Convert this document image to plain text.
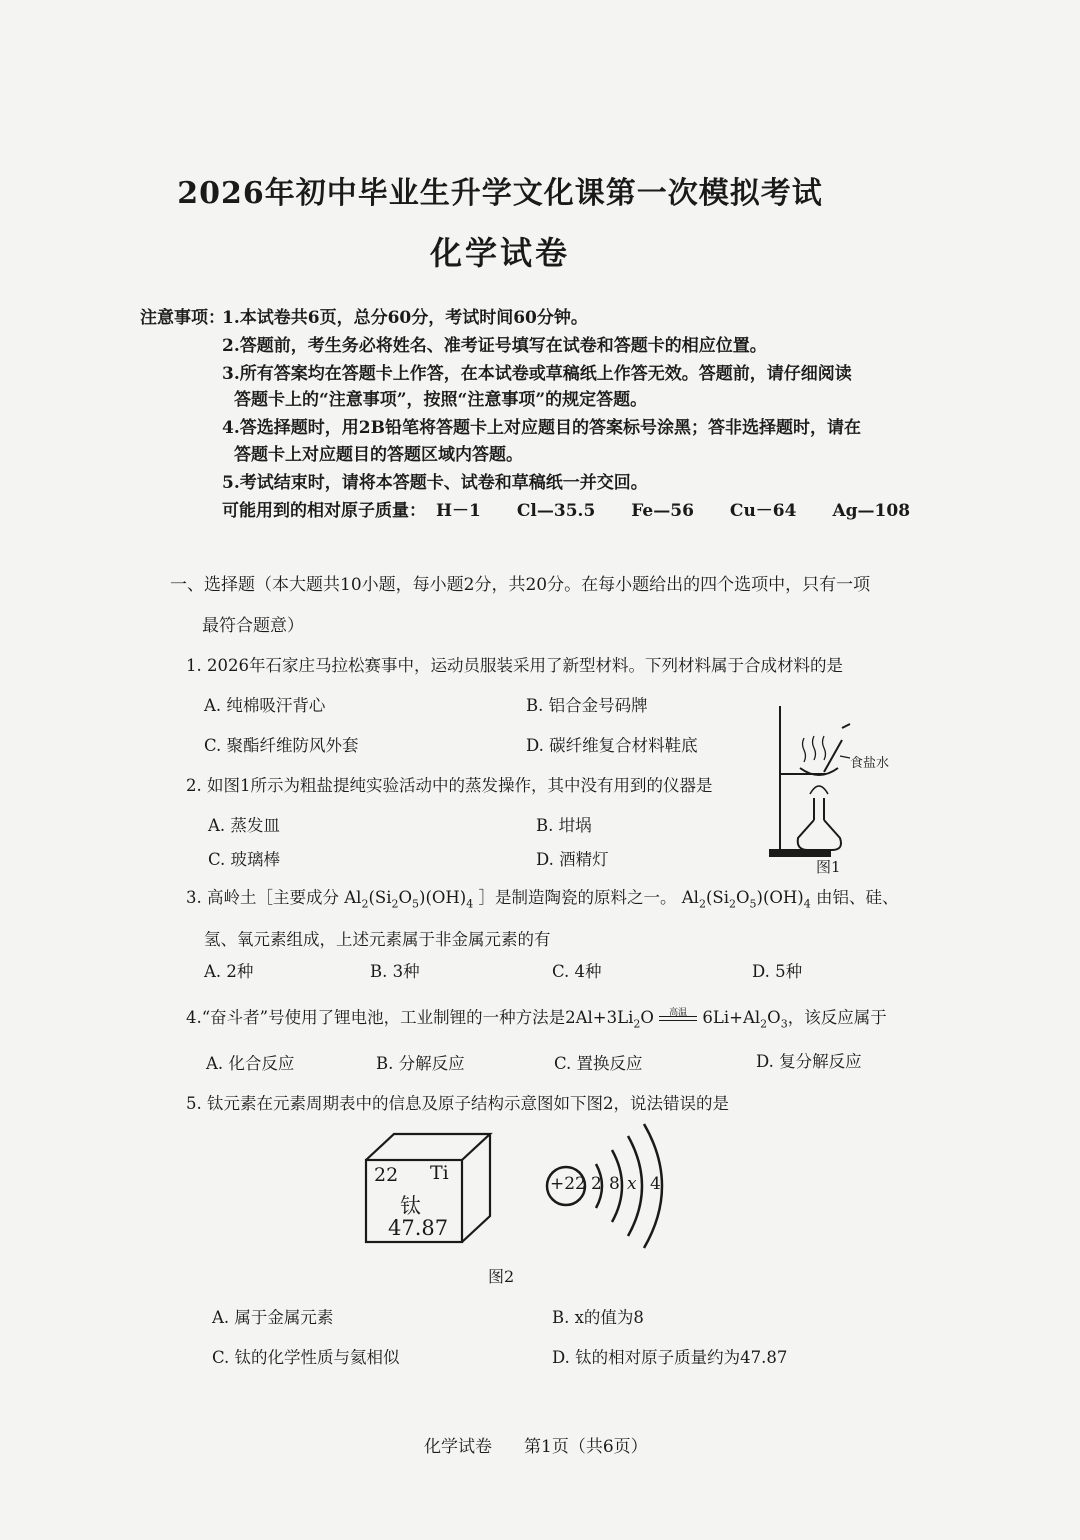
2026年初中毕业生升学文化课第一次模拟考试
化学试卷
注意事项：
1.本试卷共6页，总分60分，考试时间60分钟。
2.答题前，考生务必将姓名、准考证号填写在试卷和答题卡的相应位置。
3.所有答案均在答题卡上作答，在本试卷或草稿纸上作答无效。答题前，请仔细阅读
答题卡上的“注意事项”，按照“注意事项”的规定答题。
4.答选择题时，用2B铅笔将答题卡上对应题目的答案标号涂黑；答非选择题时，请在
答题卡上对应题目的答题区域内答题。
5.考试结束时，请将本答题卡、试卷和草稿纸一并交回。
可能用到的相对原子质量： H－1 Cl—35.5 Fe—56 Cu－64 Ag—108
一、选择题（本大题共10小题，每小题2分，共20分。在每小题给出的四个选项中，只有一项
最符合题意）
1. 2026年石家庄马拉松赛事中，运动员服装采用了新型材料。下列材料属于合成材料的是
A. 纯棉吸汗背心	B. 铝合金号码牌
C. 聚酯纤维防风外套	D. 碳纤维复合材料鞋底
2. 如图1所示为粗盐提纯实验活动中的蒸发操作，其中没有用到的仪器是
A. 蒸发皿	B. 坩埚
C. 玻璃棒	D. 酒精灯
食盐水
图1
3. 高岭土［主要成分 $Al_2(Si_2O_5)(OH)_4$ ］是制造陶瓷的原料之一。 $Al_2(Si_2O_5)(OH)_4$ 由铝、硅、
氢、氧元素组成，上述元素属于非金属元素的有
A. 2种	B. 3种	C. 4种	D. 5种
4.“奋斗者”号使用了锂电池，工业制锂的一种方法是$2Al+3Li_2O$	高温 $6Li+Al_2O_3$，该反应属于
A. 化合反应	B. 分解反应	C. 置换反应	D. 复分解反应
5. 钛元素在元素周期表中的信息及原子结构示意图如下图2，说法错误的是
22 Ti
钛
47.87
+22 2 8 x 4
图2
A. 属于金属元素	B. x的值为8
C. 钛的化学性质与氦相似	D. 钛的相对原子质量约为47.87
化学试卷 第1页（共6页）
